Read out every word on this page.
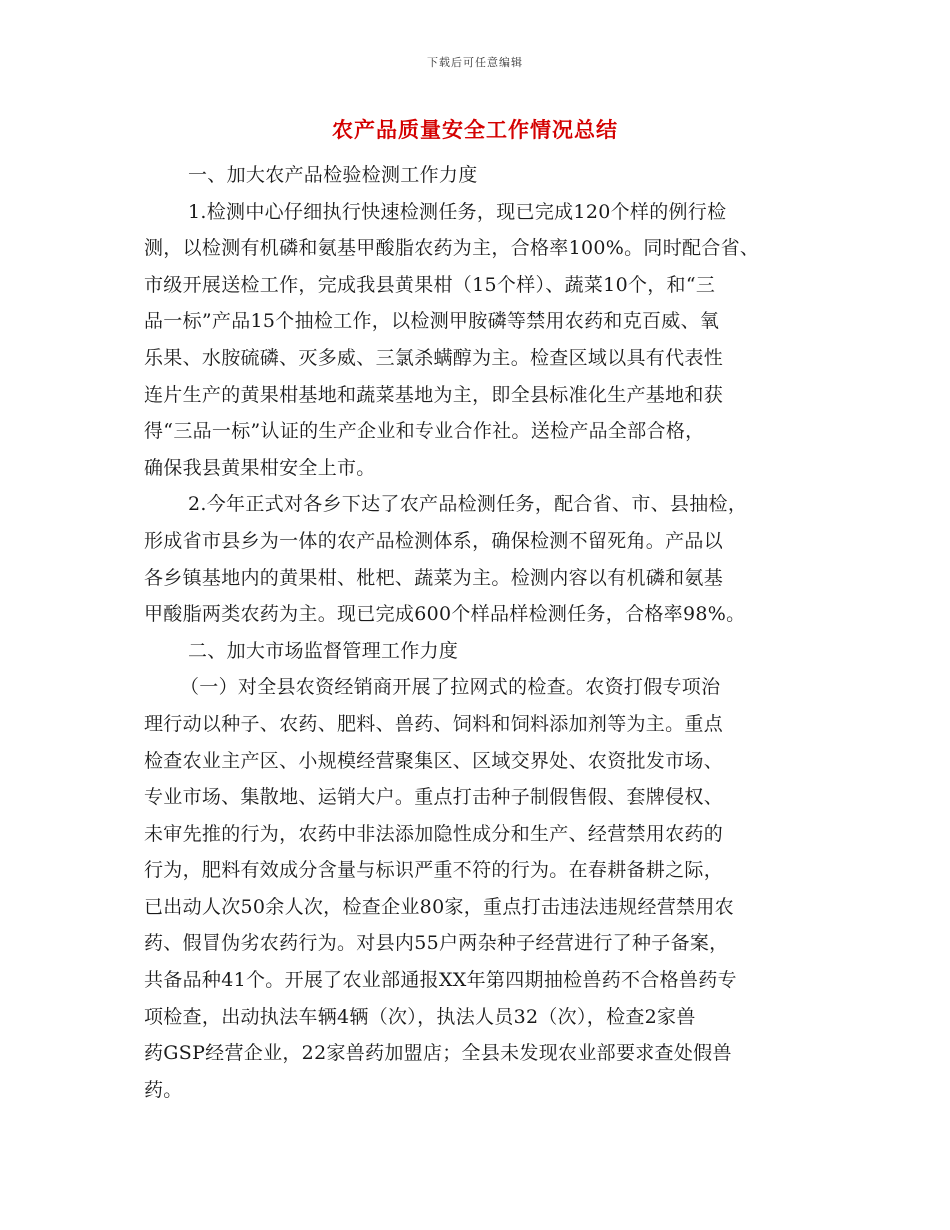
下载后可任意编辑
农产品质量安全工作情况总结
一、加大农产品检验检测工作力度
1.检测中心仔细执行快速检测任务，现已完成120个样的例行检
测，以检测有机磷和氨基甲酸脂农药为主，合格率100%。同时配合省、
市级开展送检工作，完成我县黄果柑（15个样）、蔬菜10个，和“三
品一标”产品15个抽检工作，以检测甲胺磷等禁用农药和克百威、氧
乐果、水胺硫磷、灭多威、三氯杀螨醇为主。检查区域以具有代表性
连片生产的黄果柑基地和蔬菜基地为主，即全县标准化生产基地和获
得“三品一标”认证的生产企业和专业合作社。送检产品全部合格，
确保我县黄果柑安全上市。
2.今年正式对各乡下达了农产品检测任务，配合省、市、县抽检，
形成省市县乡为一体的农产品检测体系，确保检测不留死角。产品以
各乡镇基地内的黄果柑、枇杷、蔬菜为主。检测内容以有机磷和氨基
甲酸脂两类农药为主。现已完成600个样品样检测任务，合格率98%。
二、加大市场监督管理工作力度
（一）对全县农资经销商开展了拉网式的检查。农资打假专项治
理行动以种子、农药、肥料、兽药、饲料和饲料添加剂等为主。重点
检查农业主产区、小规模经营聚集区、区域交界处、农资批发市场、
专业市场、集散地、运销大户。重点打击种子制假售假、套牌侵权、
未审先推的行为，农药中非法添加隐性成分和生产、经营禁用农药的
行为，肥料有效成分含量与标识严重不符的行为。在春耕备耕之际，
已出动人次50余人次，检查企业80家，重点打击违法违规经营禁用农
药、假冒伪劣农药行为。对县内55户两杂种子经营进行了种子备案，
共备品种41个。开展了农业部通报XX年第四期抽检兽药不合格兽药专
项检查，出动执法车辆4辆（次），执法人员32（次），检查2家兽
药GSP经营企业，22家兽药加盟店；全县未发现农业部要求查处假兽
药。
